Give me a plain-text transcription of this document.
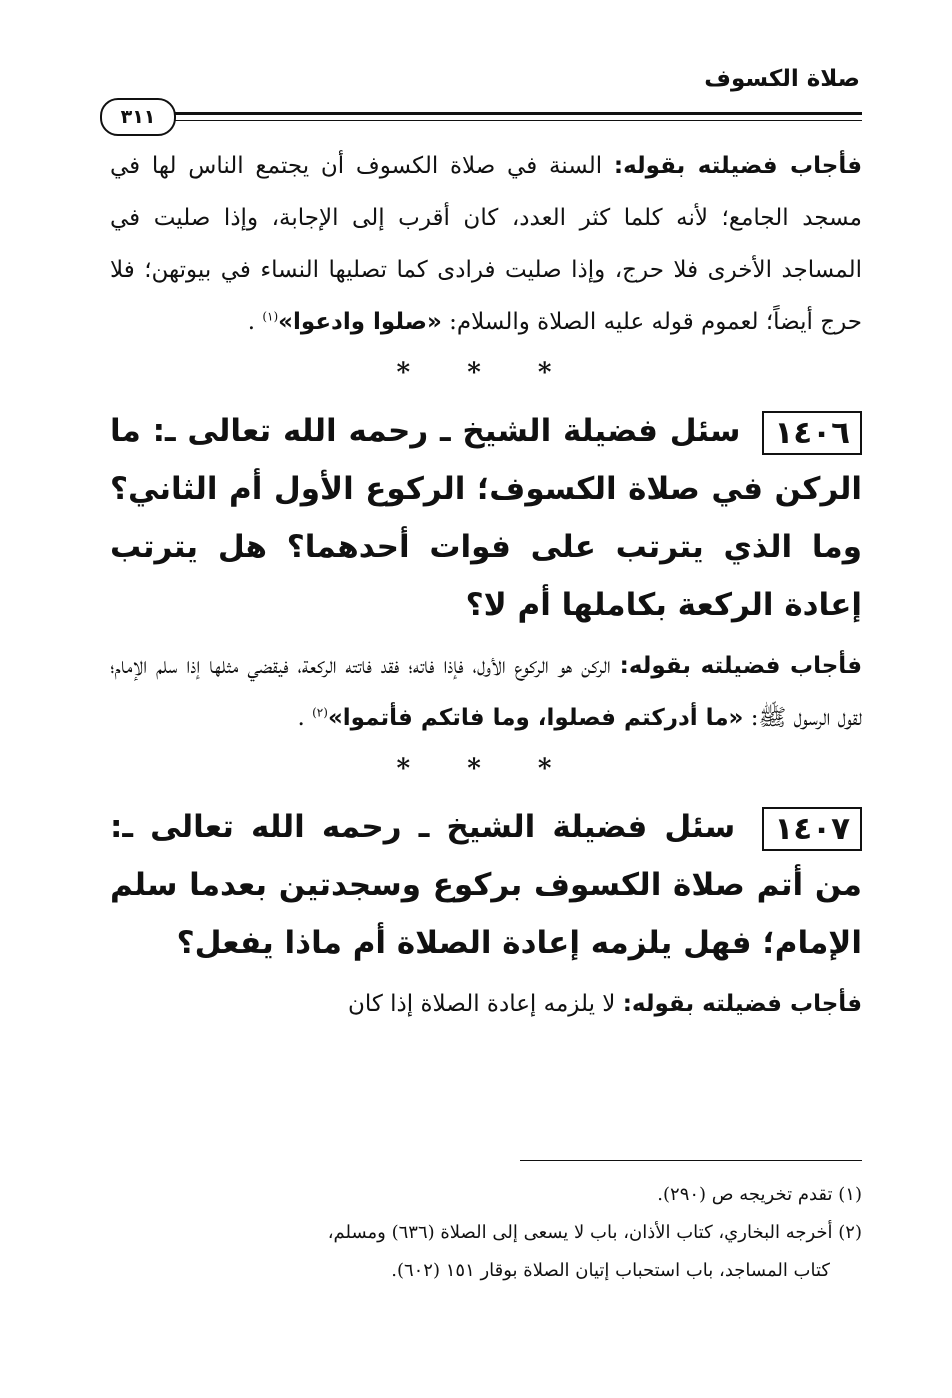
صلاة الكسوف
٣١١

فأجاب فضيلته بقوله: السنة في صلاة الكسوف أن يجتمع الناس لها في مسجد الجامع؛ لأنه كلما كثر العدد، كان أقرب إلى الإجابة، وإذا صليت في المساجد الأخرى فلا حرج، وإذا صليت فرادى كما تصليها النساء في بيوتهن؛ فلا حرج أيضاً؛ لعموم قوله عليه الصلاة والسلام: «صلوا وادعوا»$^{(١)}$ .

* * *

١٤٠٦ سئل فضيلة الشيخ ـ رحمه الله تعالى ـ: ما الركن في صلاة الكسوف؛ الركوع الأول أم الثاني؟ وما الذي يترتب على فوات أحدهما؟ هل يترتب إعادة الركعة بكاملها أم لا؟

فأجاب فضيلته بقوله: الركن هو الركوع الأول، فإذا فاته؛ فقد فاتته الركعة، فيقضي مثلها إذا سلم الإمام؛ لقول الرسول ﷺ: «ما أدركتم فصلوا، وما فاتكم فأتموا»$^{(٢)}$ .

* * *

١٤٠٧ سئل فضيلة الشيخ ـ رحمه الله تعالى ـ: من أتم صلاة الكسوف بركوع وسجدتين بعدما سلم الإمام؛ فهل يلزمه إعادة الصلاة أم ماذا يفعل؟

فأجاب فضيلته بقوله: لا يلزمه إعادة الصلاة إذا كان

(١) تقدم تخريجه ص (٢٩٠).

(٢) أخرجه البخاري، كتاب الأذان، باب لا يسعى إلى الصلاة (٦٣٦) ومسلم،

كتاب المساجد، باب استحباب إتيان الصلاة بوقار ١٥١ (٦٠٢).
